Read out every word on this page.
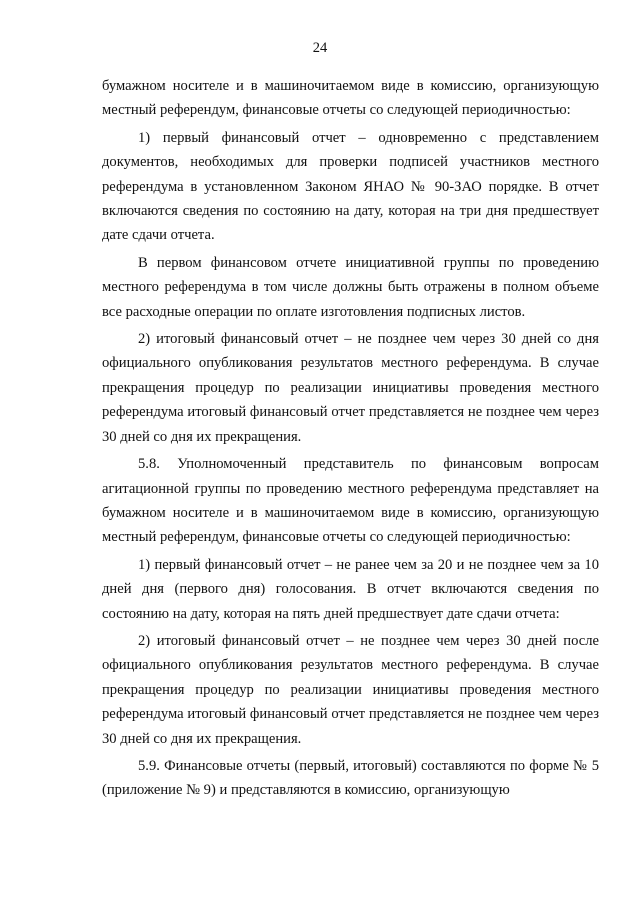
24

бумажном носителе и в машиночитаемом виде в комиссию, организующую местный референдум, финансовые отчеты со следующей периодичностью:

1) первый финансовый отчет – одновременно с представлением документов, необходимых для проверки подписей участников местного референдума в установленном Законом ЯНАО № 90-ЗАО порядке. В отчет включаются сведения по состоянию на дату, которая на три дня предшествует дате сдачи отчета.

В первом финансовом отчете инициативной группы по проведению местного референдума в том числе должны быть отражены в полном объеме все расходные операции по оплате изготовления подписных листов.

2) итоговый финансовый отчет – не позднее чем через 30 дней со дня официального опубликования результатов местного референдума. В случае прекращения процедур по реализации инициативы проведения местного референдума итоговый финансовый отчет представляется не позднее чем через 30 дней со дня их прекращения.

5.8. Уполномоченный представитель по финансовым вопросам агитационной группы по проведению местного референдума представляет на бумажном носителе и в машиночитаемом виде в комиссию, организующую местный референдум, финансовые отчеты со следующей периодичностью:

1) первый финансовый отчет – не ранее чем за 20 и не позднее чем за 10 дней дня (первого дня) голосования. В отчет включаются сведения по состоянию на дату, которая на пять дней предшествует дате сдачи отчета:

2) итоговый финансовый отчет – не позднее чем через 30 дней после официального опубликования результатов местного референдума. В случае прекращения процедур по реализации инициативы проведения местного референдума итоговый финансовый отчет представляется не позднее чем через 30 дней со дня их прекращения.

5.9. Финансовые отчеты (первый, итоговый) составляются по форме № 5 (приложение № 9) и представляются в комиссию, организующую
